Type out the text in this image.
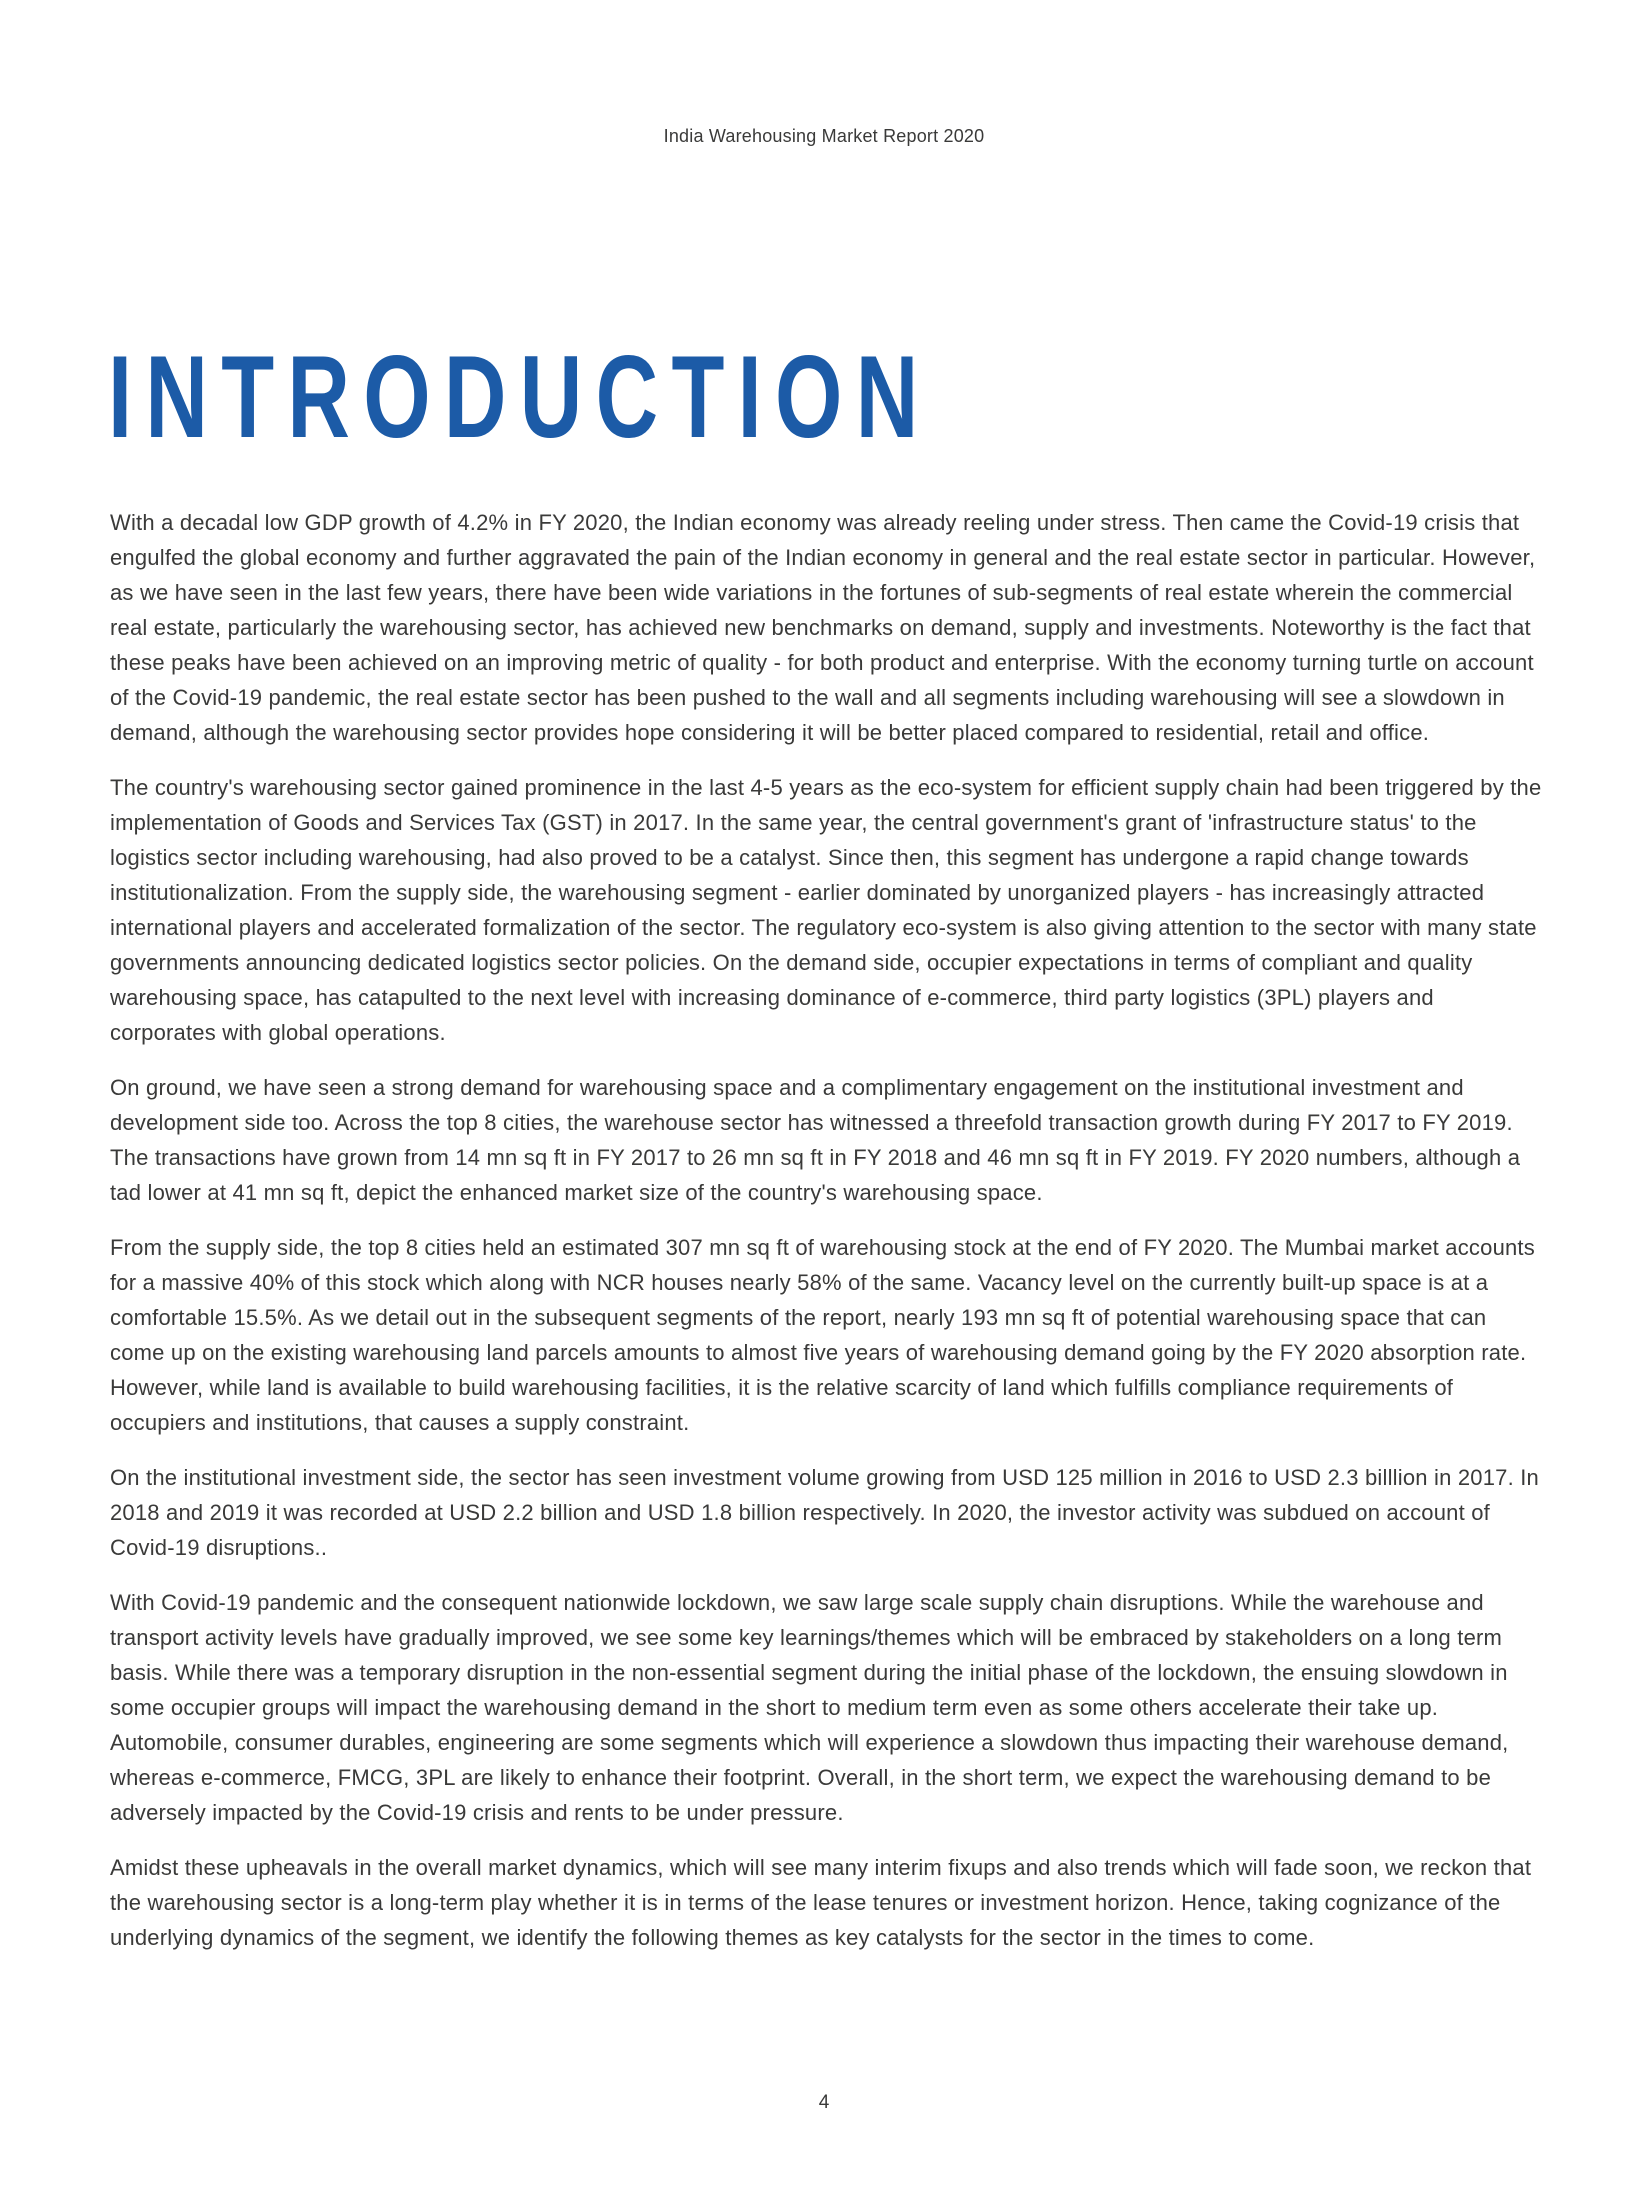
India Warehousing Market Report 2020
INTRODUCTION

With a decadal low GDP growth of 4.2% in FY 2020, the Indian economy was already reeling under stress. Then came the Covid-19 crisis that engulfed the global economy and further aggravated the pain of the Indian economy in general and the real estate sector in particular. However, as we have seen in the last few years, there have been wide variations in the fortunes of sub-segments of real estate wherein the commercial real estate, particularly the warehousing sector, has achieved new benchmarks on demand, supply and investments. Noteworthy is the fact that these peaks have been achieved on an improving metric of quality - for both product and enterprise. With the economy turning turtle on account of the Covid-19 pandemic, the real estate sector has been pushed to the wall and all segments including warehousing will see a slowdown in demand, although the warehousing sector provides hope considering it will be better placed compared to residential, retail and office.

The country's warehousing sector gained prominence in the last 4-5 years as the eco-system for efficient supply chain had been triggered by the implementation of Goods and Services Tax (GST) in 2017. In the same year, the central government's grant of 'infrastructure status' to the logistics sector including warehousing, had also proved to be a catalyst. Since then, this segment has undergone a rapid change towards institutionalization. From the supply side, the warehousing segment - earlier dominated by unorganized players - has increasingly attracted international players and accelerated formalization of the sector. The regulatory eco-system is also giving attention to the sector with many state governments announcing dedicated logistics sector policies. On the demand side, occupier expectations in terms of compliant and quality warehousing space, has catapulted to the next level with increasing dominance of e-commerce, third party logistics (3PL) players and corporates with global operations.

On ground, we have seen a strong demand for warehousing space and a complimentary engagement on the institutional investment and development side too. Across the top 8 cities, the warehouse sector has witnessed a threefold transaction growth during FY 2017 to FY 2019. The transactions have grown from 14 mn sq ft in FY 2017 to 26 mn sq ft in FY 2018 and 46 mn sq ft in FY 2019. FY 2020 numbers, although a tad lower at 41 mn sq ft, depict the enhanced market size of the country's warehousing space.

From the supply side, the top 8 cities held an estimated 307 mn sq ft of warehousing stock at the end of FY 2020. The Mumbai market accounts for a massive 40% of this stock which along with NCR houses nearly 58% of the same. Vacancy level on the currently built-up space is at a comfortable 15.5%. As we detail out in the subsequent segments of the report, nearly 193 mn sq ft of potential warehousing space that can come up on the existing warehousing land parcels amounts to almost five years of warehousing demand going by the FY 2020 absorption rate. However, while land is available to build warehousing facilities, it is the relative scarcity of land which fulfills compliance requirements of occupiers and institutions, that causes a supply constraint.

On the institutional investment side, the sector has seen investment volume growing from USD 125 million in 2016 to USD 2.3 billlion in 2017. In 2018 and 2019 it was recorded at USD 2.2 billion and USD 1.8 billion respectively. In 2020, the investor activity was subdued on account of Covid-19 disruptions..

With Covid-19 pandemic and the consequent nationwide lockdown, we saw large scale supply chain disruptions. While the warehouse and transport activity levels have gradually improved, we see some key learnings/themes which will be embraced by stakeholders on a long term basis. While there was a temporary disruption in the non-essential segment during the initial phase of the lockdown, the ensuing slowdown in some occupier groups will impact the warehousing demand in the short to medium term even as some others accelerate their take up. Automobile, consumer durables, engineering are some segments which will experience a slowdown thus impacting their warehouse demand, whereas e-commerce, FMCG, 3PL are likely to enhance their footprint. Overall, in the short term, we expect the warehousing demand to be adversely impacted by the Covid-19 crisis and rents to be under pressure.

Amidst these upheavals in the overall market dynamics, which will see many interim fixups and also trends which will fade soon, we reckon that the warehousing sector is a long-term play whether it is in terms of the lease tenures or investment horizon. Hence, taking cognizance of the underlying dynamics of the segment, we identify the following themes as key catalysts for the sector in the times to come.

4
